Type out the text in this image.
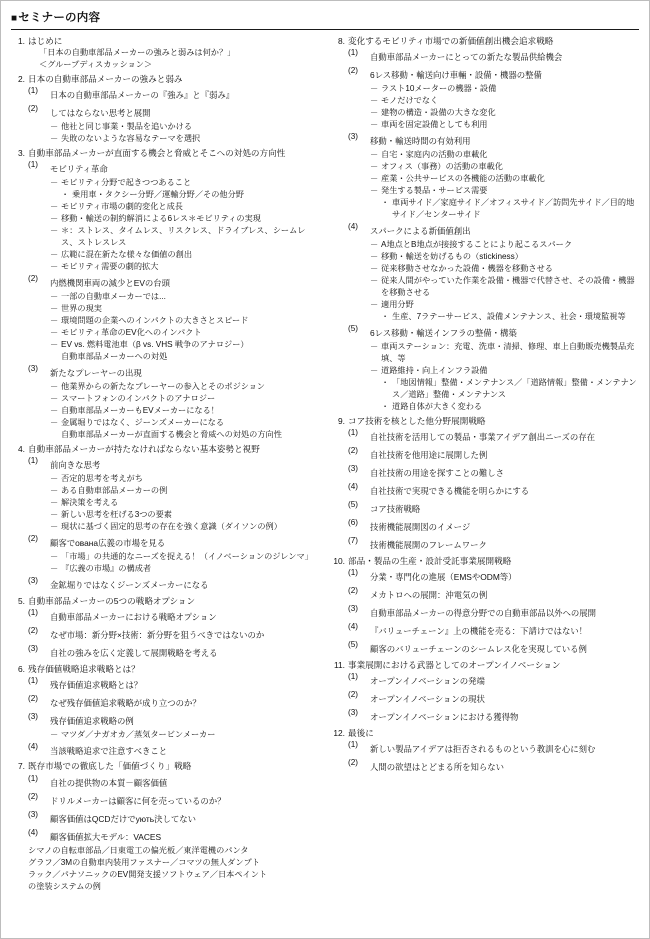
■セミナーの内容
1. はじめに
「日本の自動車部品メーカーの強みと弱みは何か？」
＜グループディスカッション＞
2. 日本の自動車部品メーカーの強みと弱み
(1)	日本の自動車部品メーカーの『強み』と『弱み』
(2)	してはならない思考と展開
－ 他社と同じ事業・製品を追いかける
－ 失敗のないような容易なテーマを選択
3. 自動車部品メーカーが直面する機会と脅威とそこへの対処の方向性
(1)	モビリティ革命
－ モビリティ分野で起きつつあること
・ 乗用車・タクシー分野／運輸分野／その他分野
－ モビリティ市場の劇的変化と成長
－ 移動・輸送の制約解消による6レス＊モビリティの実現
－ ＊：ストレス、タイムレス、リスクレス、ドライブレス、シームレス、ストレスレス
－ 広範に混在新たな様々な価値の創出
－ モビリティ需要の劇的拡大
(2)	内燃機関車両の減少とEVの台頭
－ 一部の自動車メーカーでは...
－ 世界の現実
－ 環境問題の企業へのインパクトの大きさとスピード
－ モビリティ革命のEV化へのインパクト
－ EV vs. 燃料電池車（β vs. VHS 戦争のアナロジー）
自動車部品メーカーへの対処
(3)	新たなプレーヤーの出現
－ 他業界からの新たなプレーヤーの参入とそのポジション
－ スマートフォンのインパクトのアナロジー
－ 自動車部品メーカーもEVメーカーになる！
－ 金属堀りではなく、ジーンズメーカーになる
自動車部品メーカーが直面する機会と脅威への対処の方向性
4. 自動車部品メーカーが持たなければならない基本姿勢と視野
(1)	前向きな思考
－ 否定的思考を考えがち
－ ある自動車部品メーカーの例
－ 解決策を考える
－ 新しい思考を枉げる3つの要素
－ 現状に基づく固定的思考の存在を強く意識（ダイソンの例）
(2)	顧客でована広義の市場を見る
－ 「市場」の共通的なニーズを捉える！（イノベーションのジレンマ」
－ 『広義の市場』の構成者
(3)	金鉱堀りではなくジーンズメーカーになる
5. 自動車部品メーカーの5つの戦略オプション
(1)	自動車部品メーカーにおける戦略オプション
(2)	なぜ市場：新分野×技術：新分野を狙うべきではないのか
(3)	自社の強みを広く定義して展開戦略を考える
6. 残存価値戦略追求戦略とは？
(1)	残存価値追求戦略とは？
(2)	なぜ残存価値追求戦略が成り立つのか？
(3)	残存価値追求戦略の例
－ マツダ／ナガオカ／蒸気タービンメーカー
(4)	当該戦略追求で注意すべきこと
7. 既存市場での徹底した「価値づくり」戦略
(1)	自社の提供物の本質－顧客価値
(2)	ドリルメーカーは顧客に何を売っているのか？
(3)	顧客価値はQCDだけでують決してない
(4)	顧客価値拡大モデル：VACES
シマノの自転車部品／日東電工の偏光板／東洋電機のパンタ
グラフ／3Mの自動車内装用ファスナー／コマツの無人ダンプト
ラック／パナソニックのEV開発支援ソフトウェア／日本ペイント
の塗装システムの例
8. 変化するモビリティ市場での新価値創出機会追求戦略
(1)	自動車部品メーカーにとっての新たな製品供給機会
(2)	6レス移動・輸送向け車輛・設備・機器の整備
－ ラスト10メーターの機器・設備
－ モノだけでなく
－ 建物の構造・設備の大きな変化
－ 車両を固定設備としても利用
(3)	移動・輸送時間の有効利用
－ 自宅・家庭内の活動の車載化
－ オフィス（事務）の活動の車載化
－ 産業・公共サービスの各機能の活動の車載化
－ 発生する製品・サービス需要
・ 車両サイド／家庭サイド／オフィスサイド／訪問先サイド／目的地サイド／センターサイド
(4)	スパークによる新価値創出
－ A地点とB地点が接接することにより起こるスパーク
－ 移動・輸送を妨げるもの（stickiness）
－ 従来移動させなかった設備・機器を移動させる
－ 従来人間がやっていた作業を設備・機器で代替させ、その設備・機器を移動させる
－ 適用分野
・ 生産、7ラテーサービス、設備メンテナンス、社会・環境監視等
(5)	6レス移動・輸送インフラの整備・構築
－ 車両ステーション：充電、洗車・清掃、修理、車上自動販売機製品充填、等
－ 道路維持・向上インフラ設備
・ 「地図情報」整備・メンテナンス／「道路情報」整備・メンテナンス／道路」整備・メンテナンス
・ 道路自体が大きく変わる
9. コア技術を核とした他分野展開戦略
(1)	自社技術を活用しての製品・事業アイデア創出ニーズの存在
(2)	自社技術を他用途に展開した例
(3)	自社技術の用途を探すことの難しさ
(4)	自社技術で実現できる機能を明らかにする
(5)	コア技術戦略
(6)	技術機能展開図のイメージ
(7)	技術機能展開のフレームワーク
10. 部品・製品の生産・設計受託事業展開戦略
(1)	分業・専門化の進展（EMSやODM等）
(2)	メカトロへの展開：沖電気の例
(3)	自動車部品メーカーの得意分野での自動車部品以外への展開
(4)	『バリューチェーン』上の機能を売る：下請けではない！
(5)	顧客のバリューチェーンのシームレス化を実現している例
11. 事業展開における武器としてのオープンイノベーション
(1)	オープンイノベーションの発端
(2)	オープンイノベーションの現状
(3)	オープンイノベーションにおける獲得物
12. 最後に
(1)	新しい製品アイデアは拒否されるものという教訓を心に刻む
(2)	人間の欲望はとどまる所を知らない
